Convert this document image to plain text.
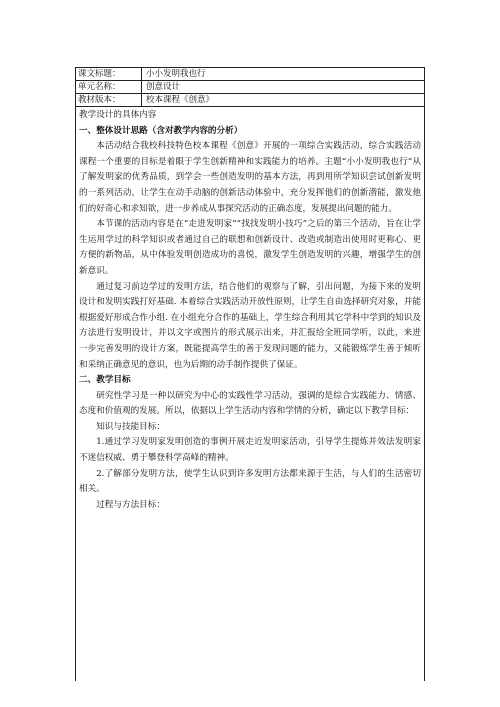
课文标题：	小小发明我也行
单元名称：	创意设计
教材版本：	校本课程《创意》

教学设计的具体内容

一、整体设计思路（含对教学内容的分析）

本活动结合我校科技特色校本课程《创意》开展的一项综合实践活动，综合实践活动课程一个重要的目标是着眼于学生创新精神和实践能力的培养。主题“小小发明我也行”从了解发明家的优秀品质，到学会一些创造发明的基本方法，再到用所学知识尝试创新发明的一系列活动，让学生在动手动脑的创新活动体验中，充分发挥他们的创新潜能，激发他们的好奇心和求知欲，进一步养成从事探究活动的正确态度，发展提出问题的能力。

本节课的活动内容是在“走进发明家”“找找发明小技巧”之后的第三个活动，旨在让学生运用学过的科学知识或者通过自己的联想和创新设计、改造或制造出使用时更称心、更方便的新物品，从中体验发明创造成功的喜悦，激发学生创造发明的兴趣，增强学生的创新意识。

通过复习前边学过的发明方法，结合他们的观察与了解，引出问题，为接下来的发明设计和发明实践打好基础. 本着综合实践活动开放性原则，让学生自由选择研究对象，并能根据爱好形成合作小组. 在小组充分合作的基础上，学生综合利用其它学科中学到的知识及方法进行发明设计，并以文字或图片的形式展示出来，并汇报给全班同学听，以此，来进一步完善发明的设计方案，既能提高学生的善于发现问题的能力，又能锻炼学生善于倾听和采纳正确意见的意识，也为后期的动手制作提供了保证。

二、教学目标

研究性学习是一种以研究为中心的实践性学习活动，强调的是综合实践能力、情感、态度和价值观的发展。所以，依据以上学生活动内容和学情的分析，确定以下教学目标：

知识与技能目标：

1.通过学习发明家发明创造的事例开展走近发明家活动，引导学生提炼并效法发明家不迷信权威、勇于攀登科学高峰的精神。

2.了解部分发明方法，使学生认识到许多发明方法都来源于生活，与人们的生活密切相关。

过程与方法目标：
